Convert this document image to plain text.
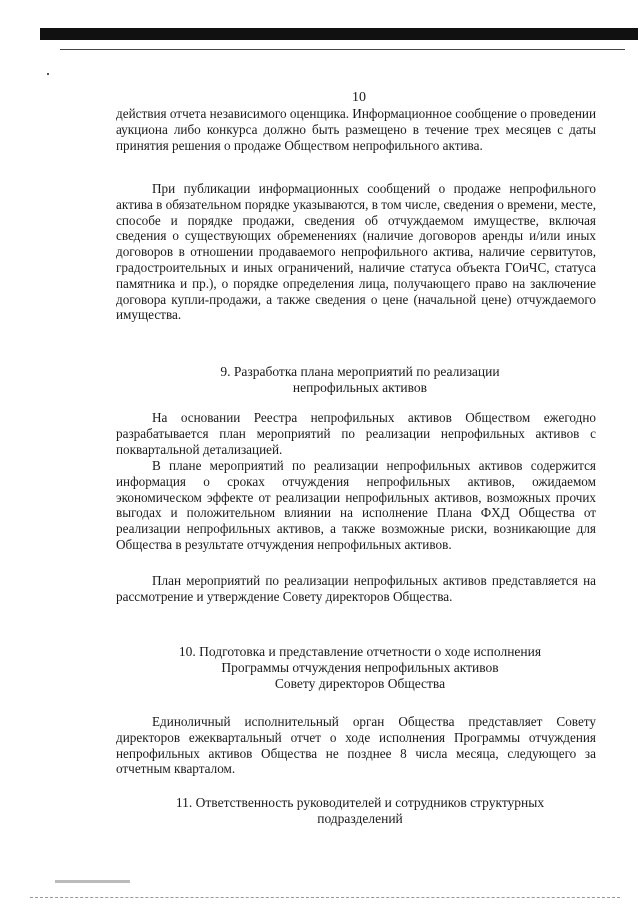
10

действия отчета независимого оценщика. Информационное сообщение о проведении аукциона либо конкурса должно быть размещено в течение трех месяцев с даты принятия решения о продаже Обществом непрофильного актива.

При публикации информационных сообщений о продаже непрофильного актива в обязательном порядке указываются, в том числе, сведения о времени, месте, способе и порядке продажи, сведения об отчуждаемом имуществе, включая сведения о существующих обременениях (наличие договоров аренды и/или иных договоров в отношении продаваемого непрофильного актива, наличие сервитутов, градостроительных и иных ограничений, наличие статуса объекта ГОиЧС, статуса памятника и пр.), о порядке определения лица, получающего право на заключение договора купли-продажи, а также сведения о цене (начальной цене) отчуждаемого имущества.

9. Разработка плана мероприятий по реализации
непрофильных активов

На основании Реестра непрофильных активов Обществом ежегодно разрабатывается план мероприятий по реализации непрофильных активов с поквартальной детализацией.

В плане мероприятий по реализации непрофильных активов содержится информация о сроках отчуждения непрофильных активов, ожидаемом экономическом эффекте от реализации непрофильных активов, возможных прочих выгодах и положительном влиянии на исполнение Плана ФХД Общества от реализации непрофильных активов, а также возможные риски, возникающие для Общества в результате отчуждения непрофильных активов.

План мероприятий по реализации непрофильных активов представляется на рассмотрение и утверждение Совету директоров Общества.

10. Подготовка и представление отчетности о ходе исполнения
Программы отчуждения непрофильных активов
Совету директоров Общества

Единоличный исполнительный орган Общества представляет Совету директоров ежеквартальный отчет о ходе исполнения Программы отчуждения непрофильных активов Общества не позднее 8 числа месяца, следующего за отчетным кварталом.

11. Ответственность руководителей и сотрудников структурных
подразделений
